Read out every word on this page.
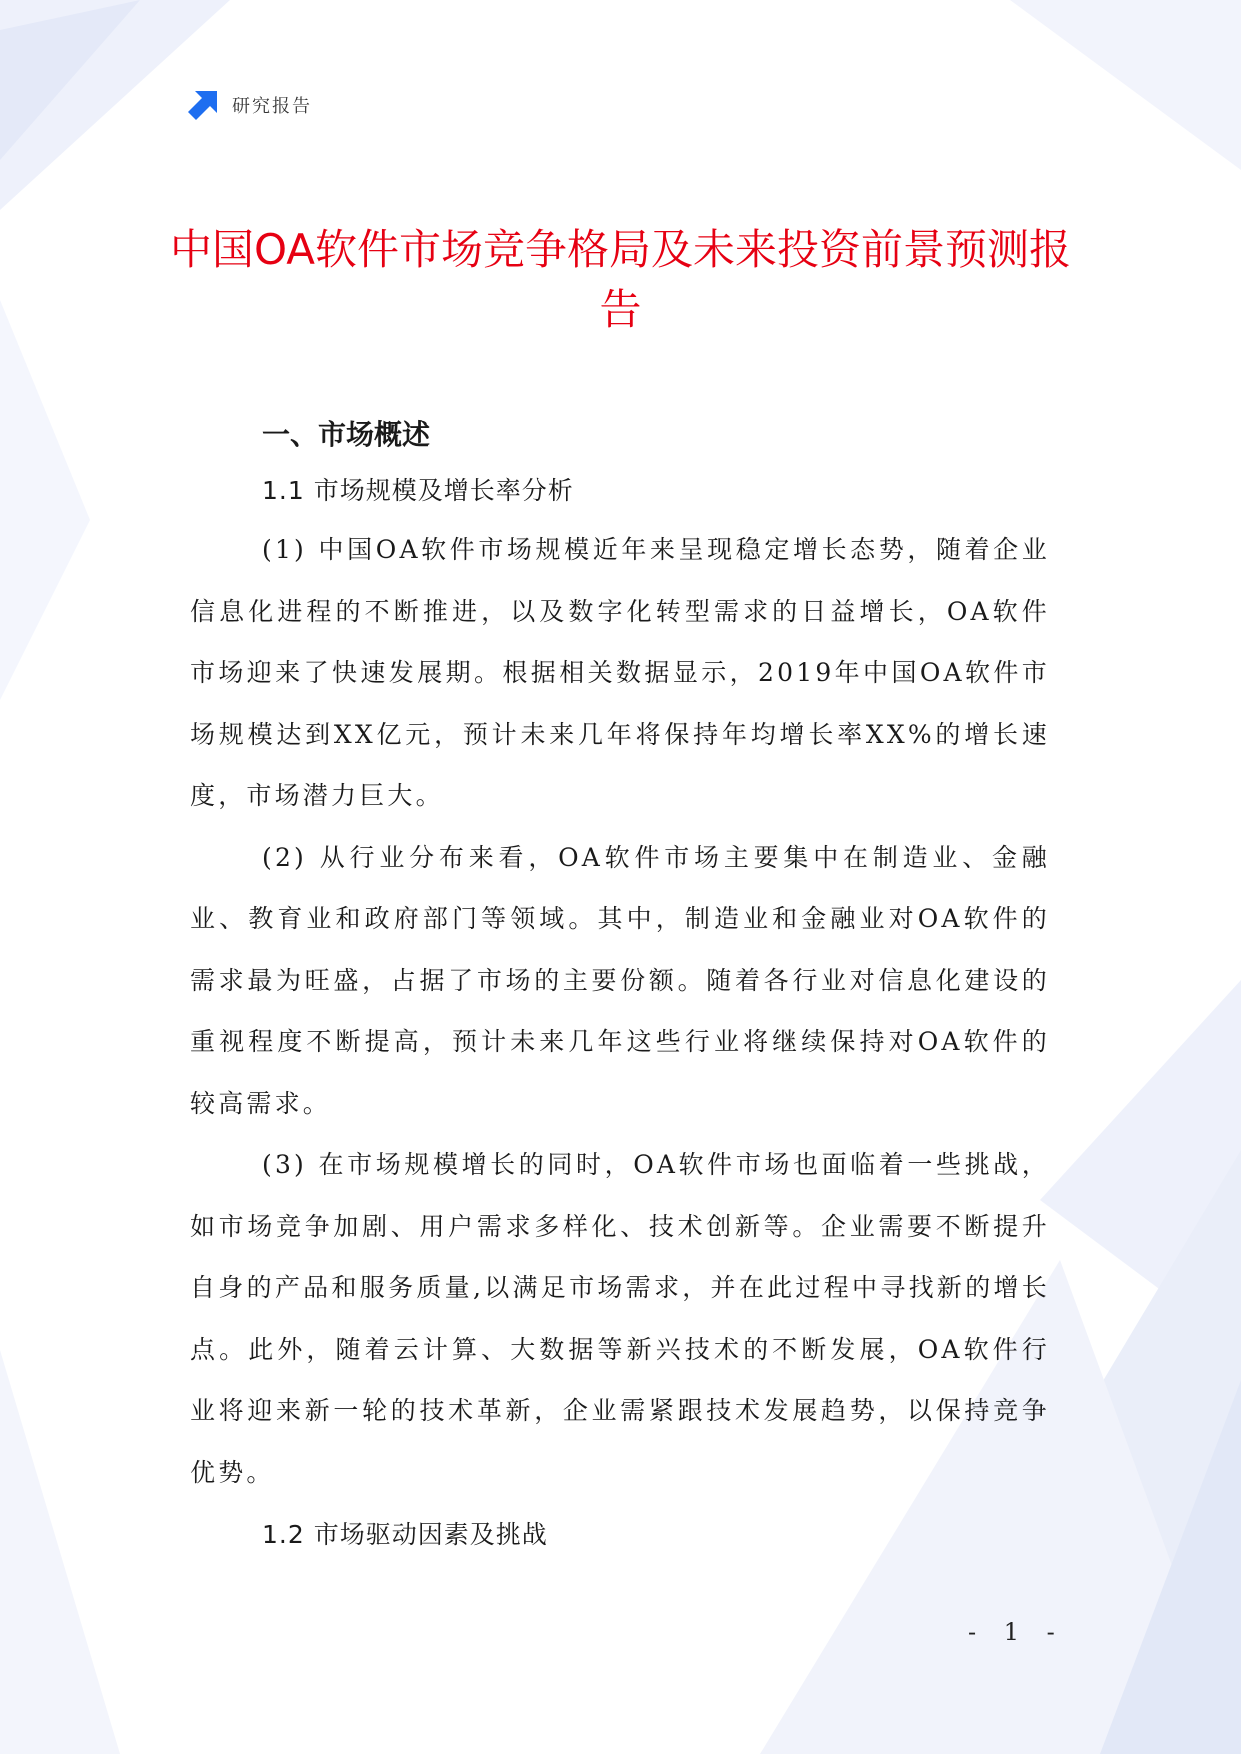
研究报告
中国OA软件市场竞争格局及未来投资前景预测报告
一、市场概述
1.1 市场规模及增长率分析

(1) 中国OA软件市场规模近年来呈现稳定增长态势，随着企业信息化进程的不断推进，以及数字化转型需求的日益增长，OA软件市场迎来了快速发展期。根据相关数据显示，2019年中国OA软件市场规模达到XX亿元，预计未来几年将保持年均增长率XX%的增长速度，市场潜力巨大。

(2) 从行业分布来看，OA软件市场主要集中在制造业、金融业、教育业和政府部门等领域。其中，制造业和金融业对OA软件的需求最为旺盛，占据了市场的主要份额。随着各行业对信息化建设的重视程度不断提高，预计未来几年这些行业将继续保持对OA软件的较高需求。

(3) 在市场规模增长的同时，OA软件市场也面临着一些挑战，如市场竞争加剧、用户需求多样化、技术创新等。企业需要不断提升自身的产品和服务质量,以满足市场需求，并在此过程中寻找新的增长点。此外，随着云计算、大数据等新兴技术的不断发展，OA软件行业将迎来新一轮的技术革新，企业需紧跟技术发展趋势，以保持竞争优势。

1.2 市场驱动因素及挑战
- 1 -
